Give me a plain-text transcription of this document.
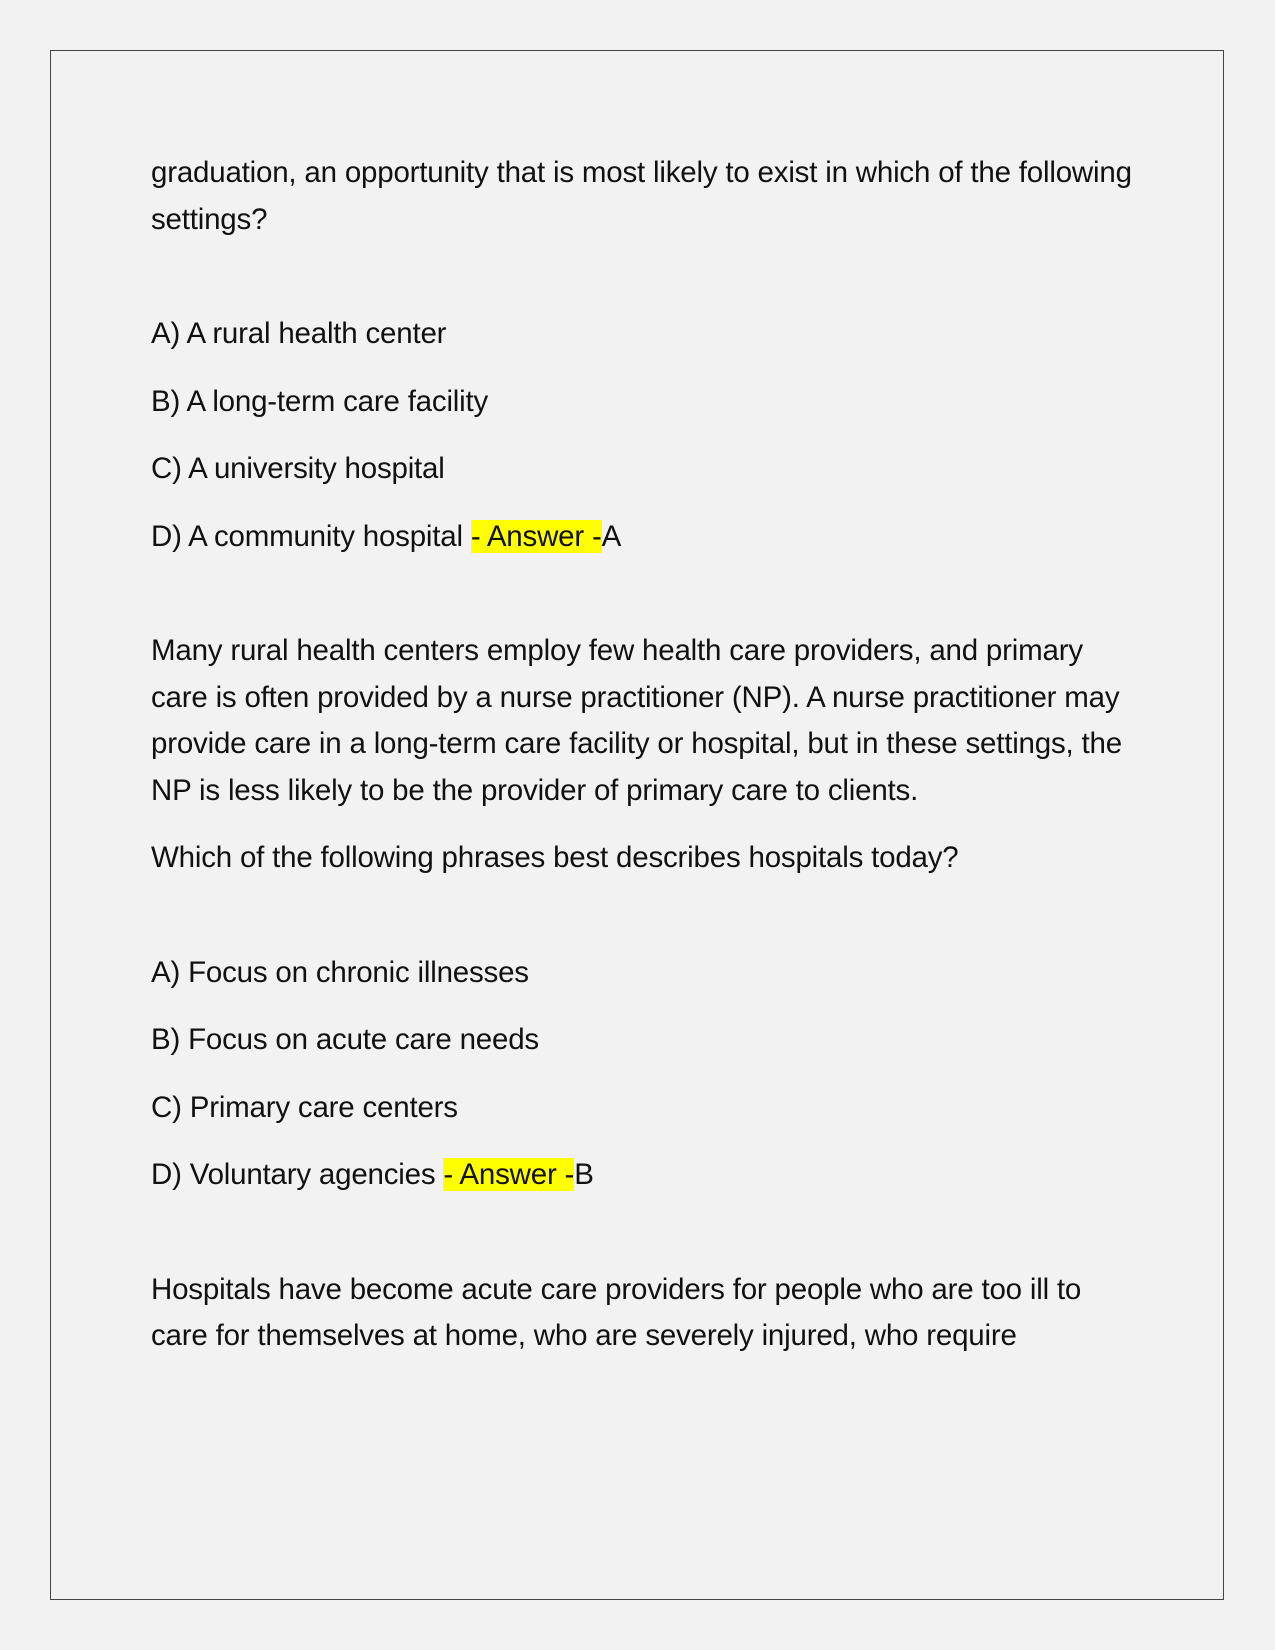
graduation, an opportunity that is most likely to exist in which of the following settings?

A) A rural health center

B) A long-term care facility

C) A university hospital

D) A community hospital - Answer -A

Many rural health centers employ few health care providers, and primary care is often provided by a nurse practitioner (NP). A nurse practitioner may provide care in a long-term care facility or hospital, but in these settings, the NP is less likely to be the provider of primary care to clients.

Which of the following phrases best describes hospitals today?

A) Focus on chronic illnesses

B) Focus on acute care needs

C) Primary care centers

D) Voluntary agencies - Answer -B

Hospitals have become acute care providers for people who are too ill to care for themselves at home, who are severely injured, who require
